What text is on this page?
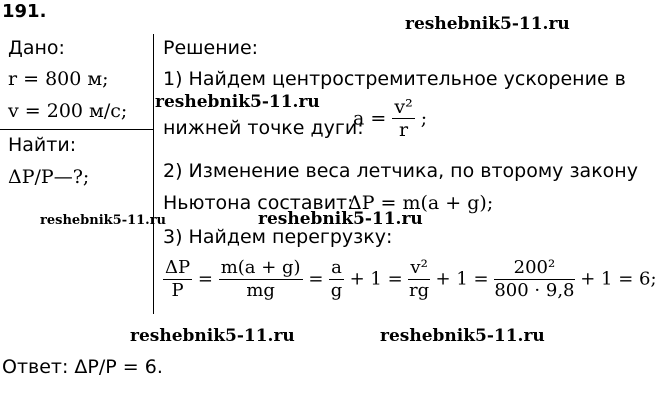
191.
Дано:
r = 800 м;
v = 200 м/с;
Найти:
ΔP/P—?;
Решение:
1) Найдем центростремительное ускорение в
нижней точке дуги:
$a = \frac{\text{v²}}{r}$ ;
2) Изменение веса летчика, по второму закону
Ньютона составит:
ΔP = m(a + g);
3) Найдем перегрузку:
$\frac{\Delta P}{P} = \frac{m(a + g)}{mg} = \frac{a}{g} + 1 = \frac{\text{v²}}{rg} + 1 = \frac{\text{200²}}{800 \cdot 9,8} + 1 = 6$;
Ответ: ΔP/P = 6.
reshebnik5-11.ru
reshebnik5-11.ru
reshebnik5-11.ru	reshebnik5-11.ru
reshebnik5-11.ru	reshebnik5-11.ru
